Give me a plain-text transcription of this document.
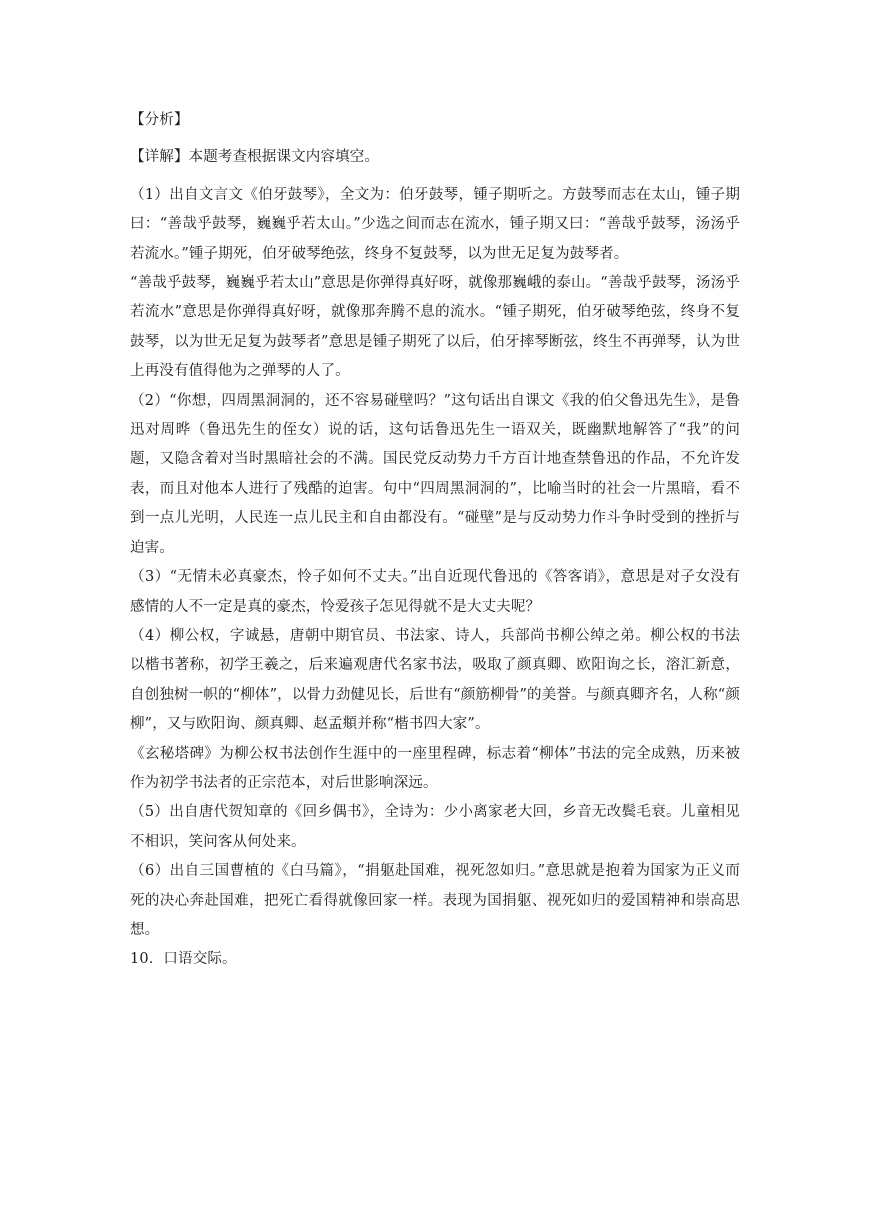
【分析】

【详解】本题考查根据课文内容填空。

（1）出自文言文《伯牙鼓琴》，全文为：伯牙鼓琴，锺子期听之。方鼓琴而志在太山，锺子期曰：“善哉乎鼓琴，巍巍乎若太山。”少选之间而志在流水，锺子期又曰：“善哉乎鼓琴，汤汤乎若流水。”锺子期死，伯牙破琴绝弦，终身不复鼓琴，以为世无足复为鼓琴者。

“善哉乎鼓琴，巍巍乎若太山”意思是你弹得真好呀，就像那巍峨的泰山。“善哉乎鼓琴，汤汤乎若流水”意思是你弹得真好呀，就像那奔腾不息的流水。“锺子期死，伯牙破琴绝弦，终身不复鼓琴，以为世无足复为鼓琴者”意思是锺子期死了以后，伯牙摔琴断弦，终生不再弹琴，认为世上再没有值得他为之弹琴的人了。

（2）“你想，四周黑洞洞的，还不容易碰壁吗？”这句话出自课文《我的伯父鲁迅先生》，是鲁迅对周晔（鲁迅先生的侄女）说的话，这句话鲁迅先生一语双关，既幽默地解答了“我”的问题，又隐含着对当时黑暗社会的不满。国民党反动势力千方百计地查禁鲁迅的作品，不允许发表，而且对他本人进行了残酷的迫害。句中“四周黑洞洞的”，比喻当时的社会一片黑暗，看不到一点儿光明，人民连一点儿民主和自由都没有。“碰壁”是与反动势力作斗争时受到的挫折与迫害。

（3）“无情未必真豪杰，怜子如何不丈夫。”出自近现代鲁迅的《答客诮》，意思是对子女没有感情的人不一定是真的豪杰，怜爱孩子怎见得就不是大丈夫呢？

（4）柳公权，字诚悬，唐朝中期官员、书法家、诗人，兵部尚书柳公绰之弟。柳公权的书法以楷书著称，初学王羲之，后来遍观唐代名家书法，吸取了颜真卿、欧阳询之长，溶汇新意，自创独树一帜的“柳体”，以骨力劲健见长，后世有“颜筋柳骨”的美誉。与颜真卿齐名，人称“颜柳”，又与欧阳询、颜真卿、赵孟頫并称“楷书四大家”。

《玄秘塔碑》为柳公权书法创作生涯中的一座里程碑，标志着“柳体”书法的完全成熟，历来被作为初学书法者的正宗范本，对后世影响深远。

（5）出自唐代贺知章的《回乡偶书》，全诗为：少小离家老大回，乡音无改鬓毛衰。儿童相见不相识，笑问客从何处来。

（6）出自三国曹植的《白马篇》，“捐躯赴国难，视死忽如归。”意思就是抱着为国家为正义而死的决心奔赴国难，把死亡看得就像回家一样。表现为国捐躯、视死如归的爱国精神和崇高思想。

10．口语交际。
